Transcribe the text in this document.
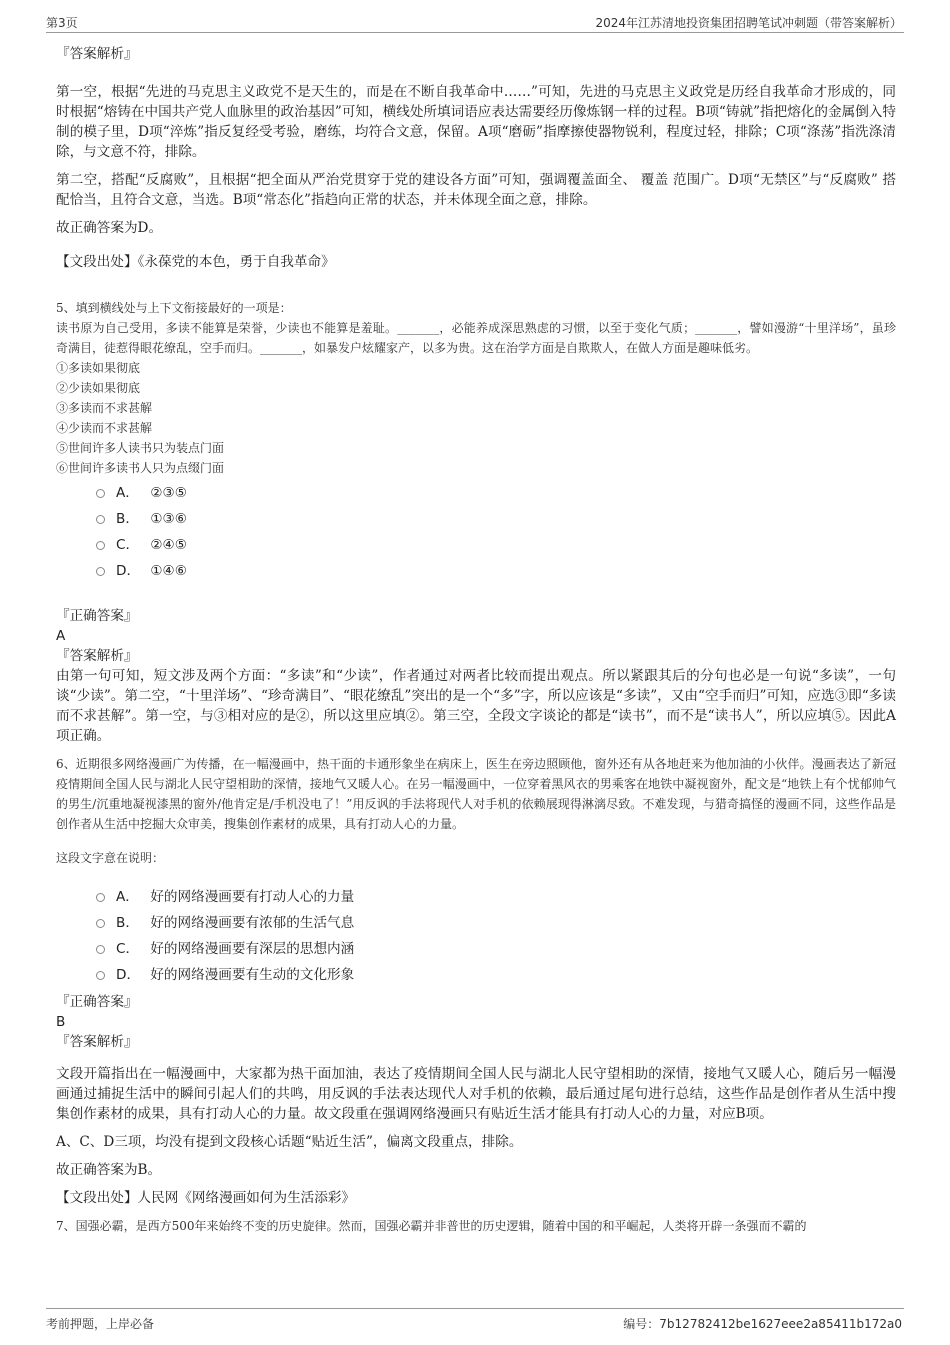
第3页	2024年江苏清地投资集团招聘笔试冲刺题（带答案解析）

『答案解析』

第一空，根据“先进的马克思主义政党不是天生的，而是在不断自我革命中……”可知，先进的马克思主义政党是历经自我革命才形成的，同时根据“熔铸在中国共产党人血脉里的政治基因”可知，横线处所填词语应表达需要经历像炼钢一样的过程。B项“铸就”指把熔化的金属倒入特制的模子里，D项“淬炼”指反复经受考验，磨练，均符合文意，保留。A项“磨砺”指摩擦使器物锐利，程度过轻，排除；C项“涤荡”指洗涤清除，与文意不符，排除。

第二空，搭配“反腐败”，且根据“把全面从严治党贯穿于党的建设各方面”可知，强调覆盖面全、 覆盖 范围广。D项“无禁区”与“反腐败” 搭配恰当，且符合文意，当选。B项“常态化”指趋向正常的状态，并未体现全面之意，排除。

故正确答案为D。

【文段出处】《永葆党的本色，勇于自我革命》

5、填到横线处与上下文衔接最好的一项是：

读书原为自己受用，多读不能算是荣誉，少读也不能算是羞耻。_______，必能养成深思熟虑的习惯，以至于变化气质；_______，譬如漫游“十里洋场”，虽珍奇满目，徒惹得眼花缭乱，空手而归。_______，如暴发户炫耀家产，以多为贵。这在治学方面是自欺欺人，在做人方面是趣味低劣。

①多读如果彻底

②少读如果彻底

③多读而不求甚解

④少读而不求甚解

⑤世间许多人读书只为装点门面

⑥世间许多读书人只为点缀门面

A． ②③⑤
B． ①③⑥
C． ②④⑤
D． ①④⑥

『正确答案』

A

『答案解析』

由第一句可知，短文涉及两个方面：“多读”和“少读”，作者通过对两者比较而提出观点。所以紧跟其后的分句也必是一句说“多读”，一句谈“少读”。第二空，“十里洋场”、“珍奇满目”、“眼花缭乱”突出的是一个“多”字，所以应该是“多读”，又由“空手而归”可知，应选③即“多读而不求甚解”。第一空，与③相对应的是②，所以这里应填②。第三空，全段文字谈论的都是“读书”，而不是“读书人”，所以应填⑤。因此A项正确。

6、近期很多网络漫画广为传播，在一幅漫画中，热干面的卡通形象坐在病床上，医生在旁边照顾他，窗外还有从各地赶来为他加油的小伙伴。漫画表达了新冠疫情期间全国人民与湖北人民守望相助的深情，接地气又暖人心。在另一幅漫画中，一位穿着黑风衣的男乘客在地铁中凝视窗外，配文是“地铁上有个忧郁帅气的男生/沉重地凝视漆黑的窗外/他肯定是/手机没电了！”用反讽的手法将现代人对手机的依赖展现得淋漓尽致。不难发现，与猎奇搞怪的漫画不同，这些作品是创作者从生活中挖掘大众审美，搜集创作素材的成果，具有打动人心的力量。

这段文字意在说明：

A． 好的网络漫画要有打动人心的力量
B． 好的网络漫画要有浓郁的生活气息
C． 好的网络漫画要有深层的思想内涵
D． 好的网络漫画要有生动的文化形象

『正确答案』

B

『答案解析』

文段开篇指出在一幅漫画中，大家都为热干面加油，表达了疫情期间全国人民与湖北人民守望相助的深情，接地气又暖人心，随后另一幅漫画通过捕捉生活中的瞬间引起人们的共鸣，用反讽的手法表达现代人对手机的依赖，最后通过尾句进行总结，这些作品是创作者从生活中搜集创作素材的成果，具有打动人心的力量。故文段重在强调网络漫画只有贴近生活才能具有打动人心的力量，对应B项。

A、C、D三项，均没有提到文段核心话题“贴近生活”，偏离文段重点，排除。

故正确答案为B。

【文段出处】人民网《网络漫画如何为生活添彩》

7、国强必霸，是西方500年来始终不变的历史旋律。然而，国强必霸并非普世的历史逻辑，随着中国的和平崛起，人类将开辟一条强而不霸的

考前押题，上岸必备	编号：7b12782412be1627eee2a85411b172a0
